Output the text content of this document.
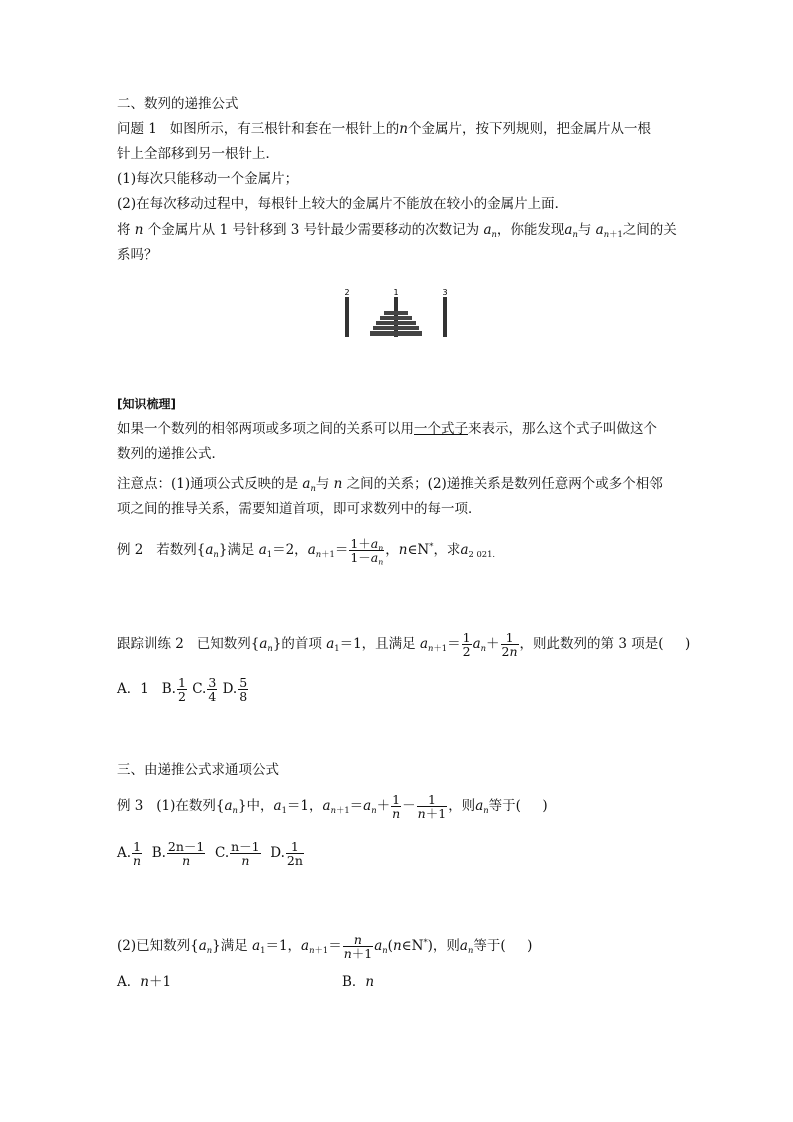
二、数列的递推公式
问题 1 如图所示，有三根针和套在一根针上的n个金属片，按下列规则，把金属片从一根
针上全部移到另一根针上．
(1)每次只能移动一个金属片；
(2)在每次移动过程中，每根针上较大的金属片不能放在较小的金属片上面．
将 n 个金属片从 1 号针移到 3 号针最少需要移动的次数记为 $a_n$，你能发现$a_n$与 $a_{n+1}$之间的关
系吗？
2	1	3
[知识梳理]
如果一个数列的相邻两项或多项之间的关系可以用一个式子来表示，那么这个式子叫做这个
数列的递推公式．
注意点：(1)通项公式反映的是 $a_n$与 n 之间的关系；(2)递推关系是数列任意两个或多个相邻
项之间的推导关系，需要知道首项，即可求数列中的每一项．
例 2 若数列$\{a_n\}$满足 $a_1=2$，$a_{n+1}= \frac{1+a_n}{1-a_n}$ ，n∈N*，求$a_{2 021.}$
跟踪训练 2 已知数列$\{a_n\}$的首项 $a_1=1$，且满足 $a_{n+1}= \frac{1}{2} a_n+ \frac{1}{2n}$ ，则此数列的第 3 项是( )
A．1 B. $\frac{1}{2} C$. $\frac{3}{4} D$. $\frac{5}{8}$
三、由递推公式求通项公式
例 3 (1)在数列$\{a_n\}$中，$a_1=1$，$a_{n+1}=a_n+ \frac{1}{n} - \frac{1}{n+1}$ ，则$a_n$等于( )
A. $\frac{1}{n} B$. $\frac{2n-1}{n} C$. $\frac{n-1}{n} D$. $\frac{1}{2n}$
(2)已知数列$\{a_n\}$满足 $a_1=1$，$a_{n+1}= \frac{n}{n+1}$ $a_n(n\in N^*)$，则$a_n$等于( )
A．n＋1	B．n
